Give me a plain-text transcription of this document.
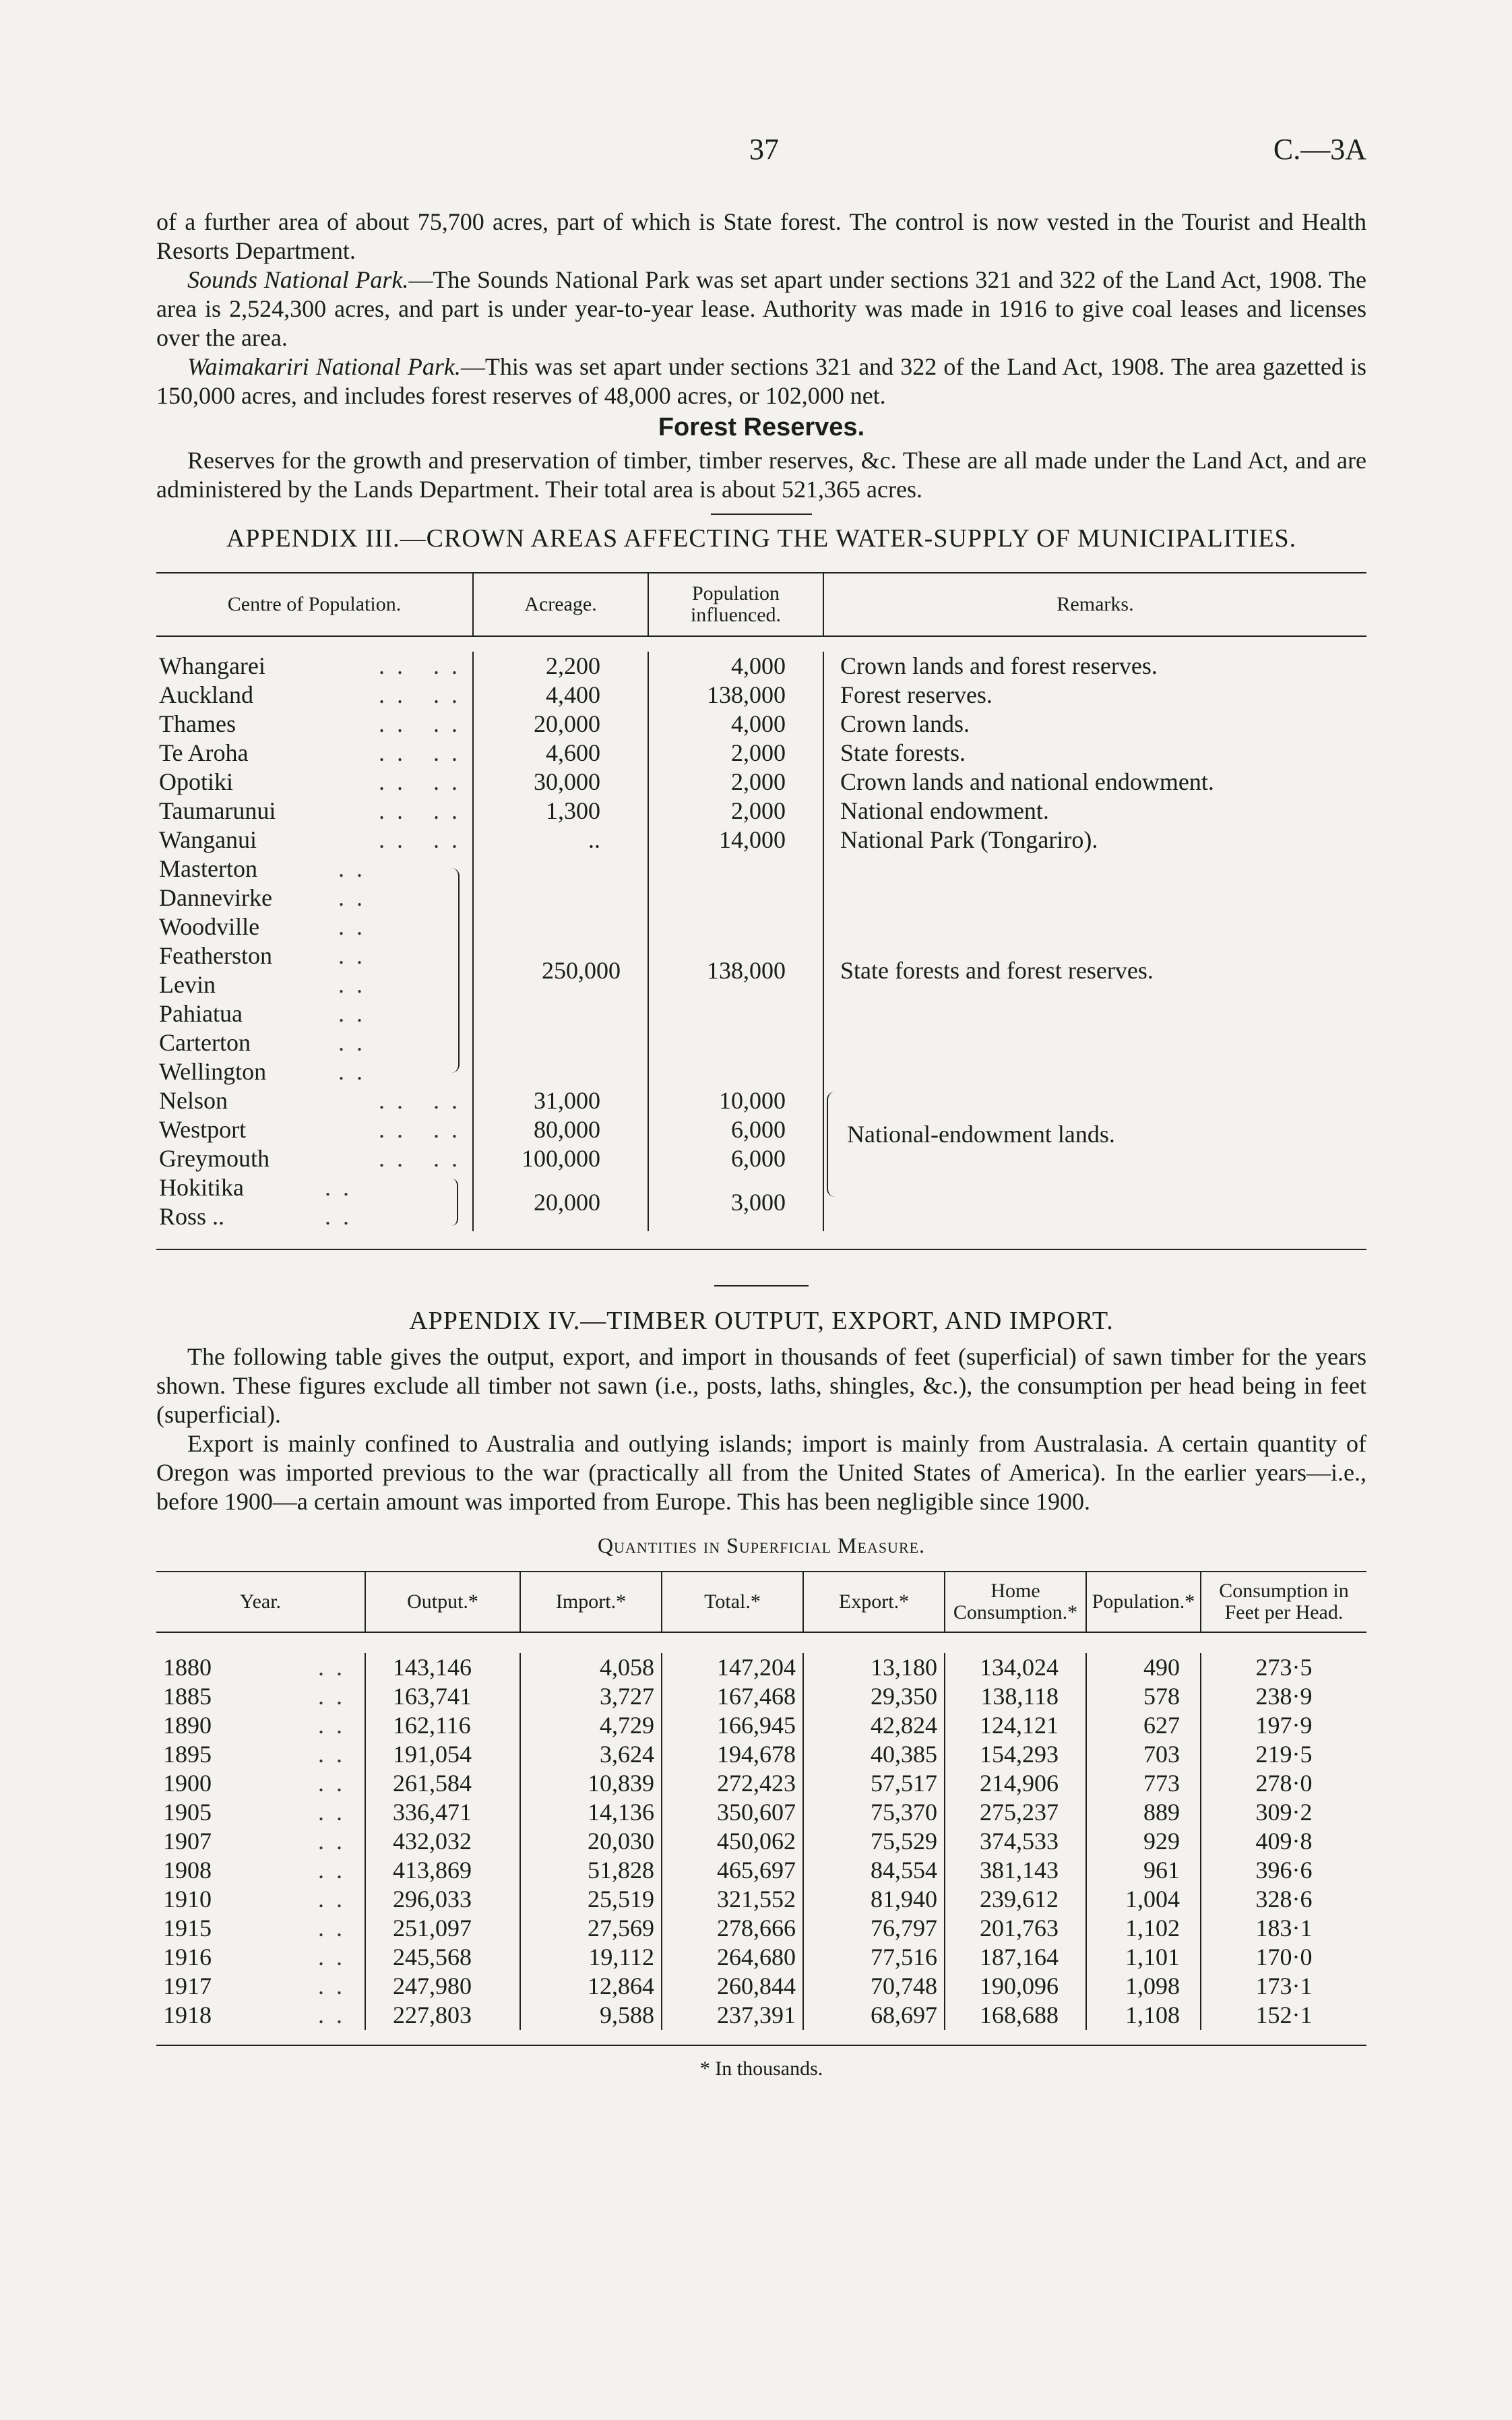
37	C.—3A

of a further area of about 75,700 acres, part of which is State forest. The control is now vested in the Tourist and Health Resorts Department.

Sounds National Park.—The Sounds National Park was set apart under sections 321 and 322 of the Land Act, 1908. The area is 2,524,300 acres, and part is under year-to-year lease. Authority was made in 1916 to give coal leases and licenses over the area.

Waimakariri National Park.—This was set apart under sections 321 and 322 of the Land Act, 1908. The area gazetted is 150,000 acres, and includes forest reserves of 48,000 acres, or 102,000 net.

Forest Reserves.

Reserves for the growth and preservation of timber, timber reserves, &c. These are all made under the Land Act, and are administered by the Lands Department. Their total area is about 521,365 acres.

APPENDIX III.—CROWN AREAS AFFECTING THE WATER-SUPPLY OF MUNICIPALITIES.
Centre of Population.	Acreage.	Population influenced.	Remarks.

Whangarei .. ..	2,200	4,000	Crown lands and forest reserves.
Auckland .. ..	4,400	138,000	Forest reserves.
Thames .. ..	20,000	4,000	Crown lands.
Te Aroha .. ..	4,600	2,000	State forests.
Opotiki .. ..	30,000	2,000	Crown lands and national endowment.
Taumarunui .. ..	1,300	2,000	National endowment.
Wanganui .. ..	..	14,000	National Park (Tongariro).
Masterton ..	250,000	138,000	State forests and forest reserves.
Dannevirke ..			

Woodville ..			

Featherston ..			

Levin ..			

Pahiatua ..			

Carterton ..			

Wellington ..			

Nelson .. ..	31,000	10,000	National-endowment lands.

Westport .. ..	80,000	6,000	
Greymouth .. ..	100,000	6,000	
Hokitika ..	20,000	3,000	
Ross .. ..			
APPENDIX IV.—TIMBER OUTPUT, EXPORT, AND IMPORT.

The following table gives the output, export, and import in thousands of feet (superficial) of sawn timber for the years shown. These figures exclude all timber not sawn (i.e., posts, laths, shingles, &c.), the consumption per head being in feet (superficial).

Export is mainly confined to Australia and outlying islands; import is mainly from Australasia. A certain quantity of Oregon was imported previous to the war (practically all from the United States of America). In the earlier years—i.e., before 1900—a certain amount was imported from Europe. This has been negligible since 1900.

Quantities in Superficial Measure.
Year.	Output.*	Import.*	Total.*	Export.*	Home Consumption.*	Population.*	Consumption in Feet per Head.

1880 ..	143,146	4,058	147,204	13,180	134,024	490	273·5
1885 ..	163,741	3,727	167,468	29,350	138,118	578	238·9
1890 ..	162,116	4,729	166,945	42,824	124,121	627	197·9
1895 ..	191,054	3,624	194,678	40,385	154,293	703	219·5
1900 ..	261,584	10,839	272,423	57,517	214,906	773	278·0
1905 ..	336,471	14,136	350,607	75,370	275,237	889	309·2
1907 ..	432,032	20,030	450,062	75,529	374,533	929	409·8
1908 ..	413,869	51,828	465,697	84,554	381,143	961	396·6
1910 ..	296,033	25,519	321,552	81,940	239,612	1,004	328·6
1915 ..	251,097	27,569	278,666	76,797	201,763	1,102	183·1
1916 ..	245,568	19,112	264,680	77,516	187,164	1,101	170·0
1917 ..	247,980	12,864	260,844	70,748	190,096	1,098	173·1
1918 ..	227,803	9,588	237,391	68,697	168,688	1,108	152·1
* In thousands.
